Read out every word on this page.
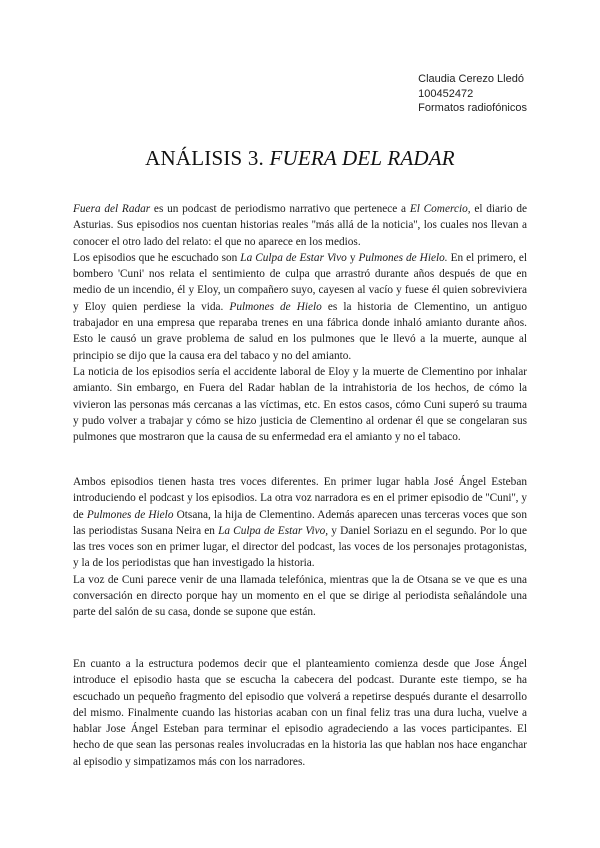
Claudia Cerezo Lledó
100452472
Formatos radiofónicos
ANÁLISIS 3. FUERA DEL RADAR

Fuera del Radar es un podcast de periodismo narrativo que pertenece a El Comercio, el diario de Asturias. Sus episodios nos cuentan historias reales ''más allá de la noticia'', los cuales nos llevan a conocer el otro lado del relato: el que no aparece en los medios.

Los episodios que he escuchado son La Culpa de Estar Vivo y Pulmones de Hielo. En el primero, el bombero 'Cuni' nos relata el sentimiento de culpa que arrastró durante años después de que en medio de un incendio, él y Eloy, un compañero suyo, cayesen al vacío y fuese él quien sobreviviera y Eloy quien perdiese la vida. Pulmones de Hielo es la historia de Clementino, un antiguo trabajador en una empresa que reparaba trenes en una fábrica donde inhaló amianto durante años. Esto le causó un grave problema de salud en los pulmones que le llevó a la muerte, aunque al principio se dijo que la causa era del tabaco y no del amianto.

La noticia de los episodios sería el accidente laboral de Eloy y la muerte de Clementino por inhalar amianto. Sin embargo, en Fuera del Radar hablan de la intrahistoria de los hechos, de cómo la vivieron las personas más cercanas a las víctimas, etc. En estos casos, cómo Cuni superó su trauma y pudo volver a trabajar y cómo se hizo justicia de Clementino al ordenar él que se congelaran sus pulmones que mostraron que la causa de su enfermedad era el amianto y no el tabaco.

Ambos episodios tienen hasta tres voces diferentes. En primer lugar habla José Ángel Esteban introduciendo el podcast y los episodios. La otra voz narradora es en el primer episodio de ''Cuni'', y de Pulmones de Hielo Otsana, la hija de Clementino. Además aparecen unas terceras voces que son las periodistas Susana Neira en La Culpa de Estar Vivo, y Daniel Soriazu en el segundo. Por lo que las tres voces son en primer lugar, el director del podcast, las voces de los personajes protagonistas, y la de los periodistas que han investigado la historia.

La voz de Cuni parece venir de una llamada telefónica, mientras que la de Otsana se ve que es una conversación en directo porque hay un momento en el que se dirige al periodista señalándole una parte del salón de su casa, donde se supone que están.

En cuanto a la estructura podemos decir que el planteamiento comienza desde que Jose Ángel introduce el episodio hasta que se escucha la cabecera del podcast. Durante este tiempo, se ha escuchado un pequeño fragmento del episodio que volverá a repetirse después durante el desarrollo del mismo. Finalmente cuando las historias acaban con un final feliz tras una dura lucha, vuelve a hablar Jose Ángel Esteban para terminar el episodio agradeciendo a las voces participantes. El hecho de que sean las personas reales involucradas en la historia las que hablan nos hace enganchar al episodio y simpatizamos más con los narradores.
